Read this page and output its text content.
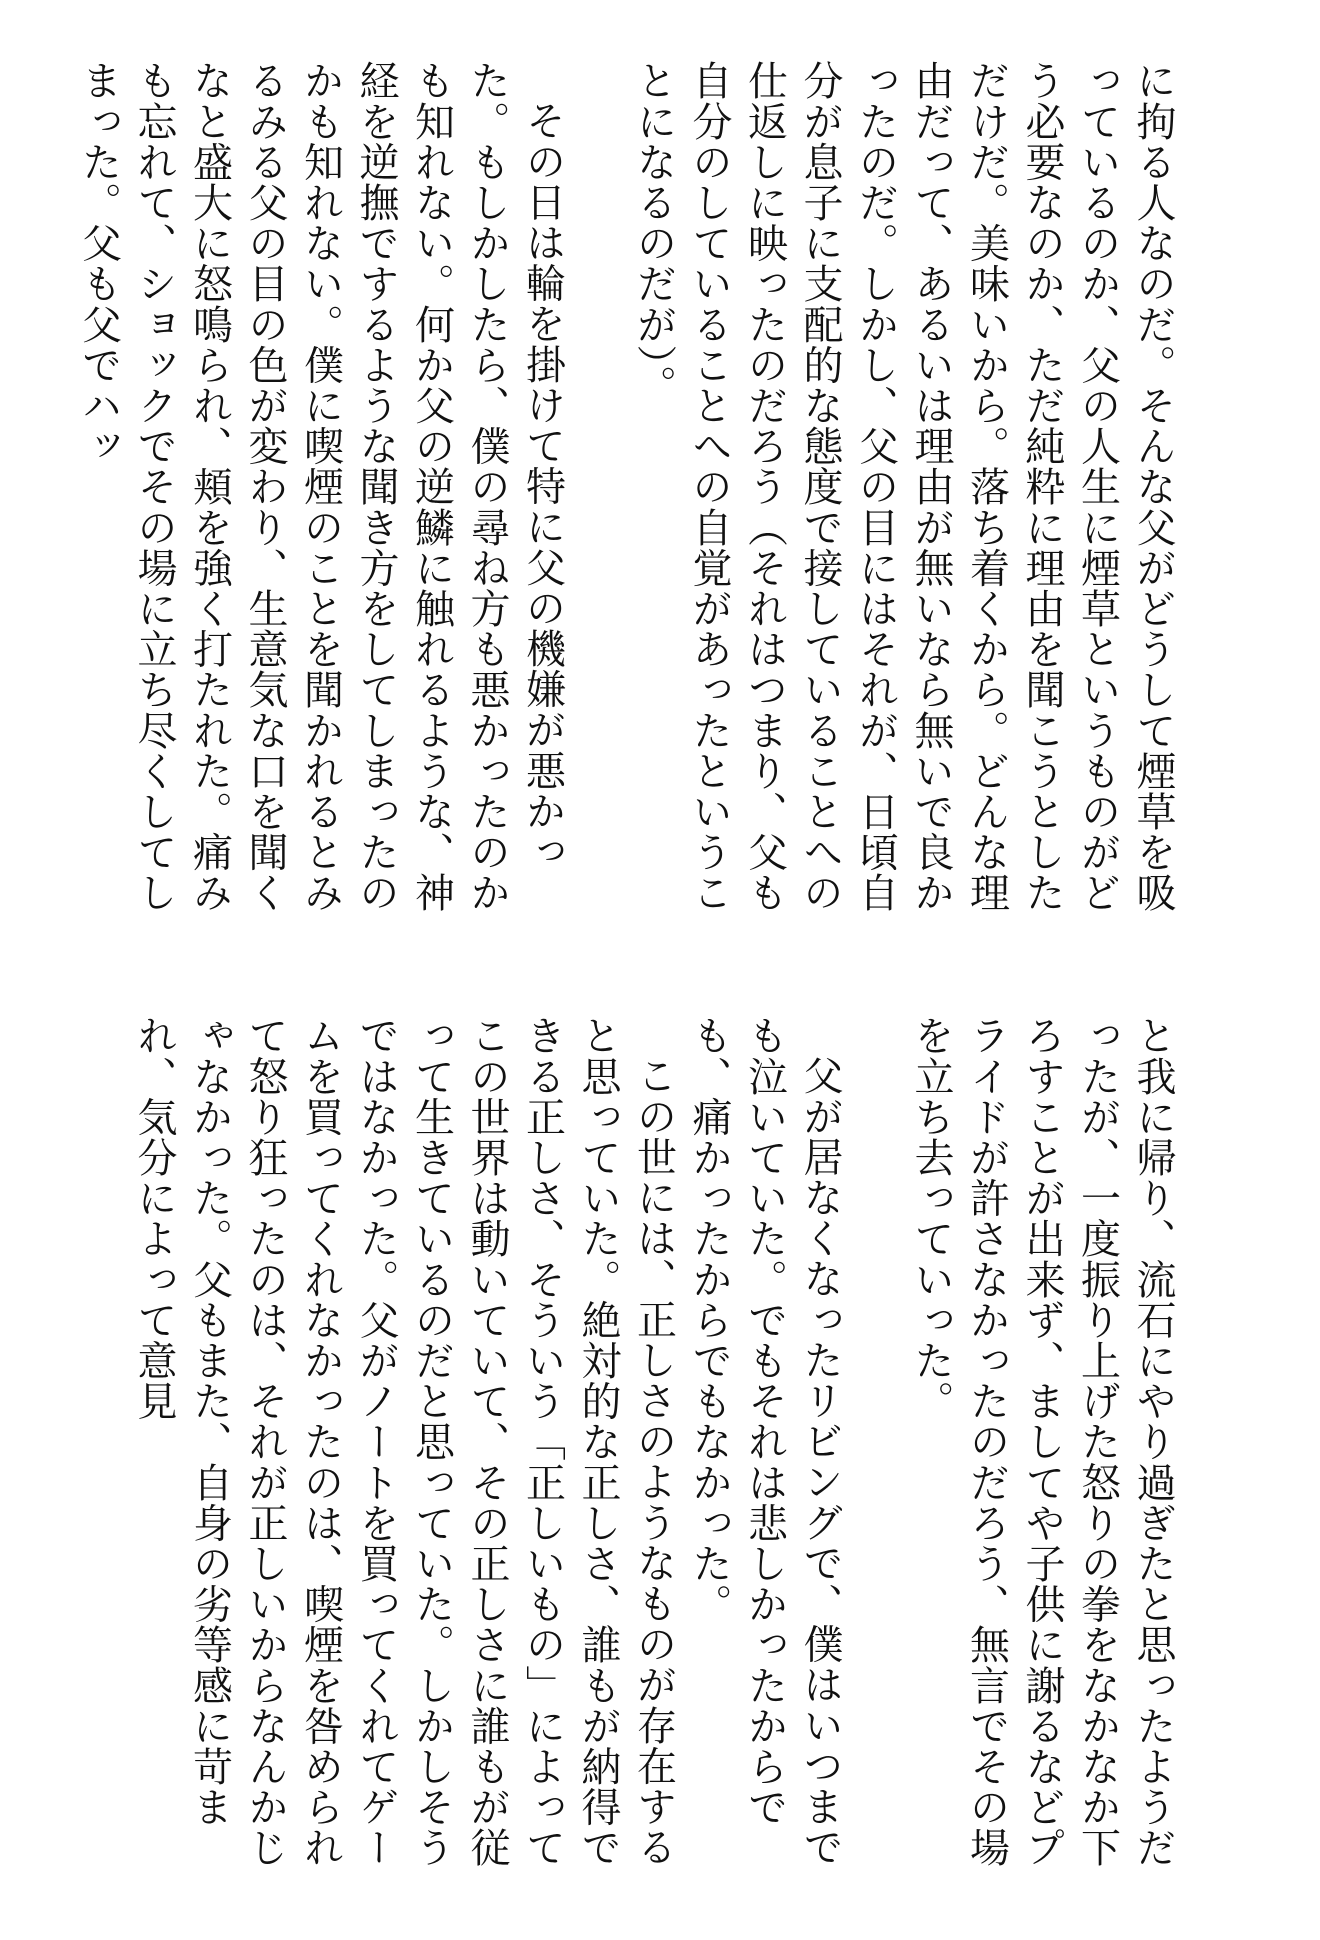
に拘る人なのだ。そんな父がどうして煙草を吸っているのか、父の人生に煙草というものがどう必要なのか、ただ純粋に理由を聞こうとしただけだ。美味いから。落ち着くから。どんな理由だって、あるいは理由が無いなら無いで良かったのだ。しかし、父の目にはそれが、日頃自分が息子に支配的な態度で接していることへの仕返しに映ったのだろう（それはつまり、父も自分のしていることへの自覚があったということになるのだが）。

その日は輪を掛けて特に父の機嫌が悪かった。もしかしたら、僕の尋ね方も悪かったのかも知れない。何か父の逆鱗に触れるような、神経を逆撫でするような聞き方をしてしまったのかも知れない。僕に喫煙のことを聞かれるとみるみる父の目の色が変わり、生意気な口を聞くなと盛大に怒鳴られ、頬を強く打たれた。痛みも忘れて、ショックでその場に立ち尽くしてしまった。父も父でハッ

と我に帰り、流石にやり過ぎたと思ったようだったが、一度振り上げた怒りの拳をなかなか下ろすことが出来ず、ましてや子供に謝るなどプライドが許さなかったのだろう、無言でその場を立ち去っていった。

父が居なくなったリビングで、僕はいつまでも泣いていた。でもそれは悲しかったからでも、痛かったからでもなかった。

この世には、正しさのようなものが存在すると思っていた。絶対的な正しさ、誰もが納得できる正しさ、そういう「正しいもの」によってこの世界は動いていて、その正しさに誰もが従って生きているのだと思っていた。しかしそうではなかった。父がノートを買ってくれてゲームを買ってくれなかったのは、喫煙を咎められて怒り狂ったのは、それが正しいからなんかじゃなかった。父もまた、自身の劣等感に苛まれ、気分によって意見
